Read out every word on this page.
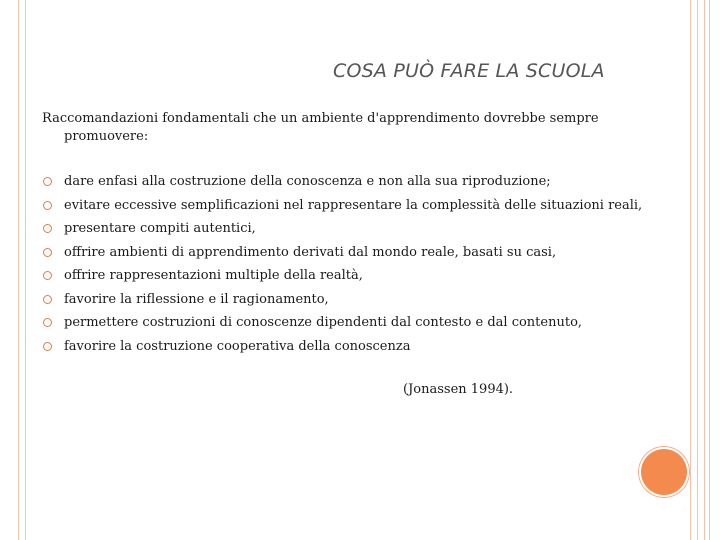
COSA PUÒ FARE LA SCUOLA
Raccomandazioni fondamentali che un ambiente d'apprendimento dovrebbe sempre
promuovere:
dare enfasi alla costruzione della conoscenza e non alla sua riproduzione;
evitare eccessive semplificazioni nel rappresentare la complessità delle situazioni reali,
presentare compiti autentici,
offrire ambienti di apprendimento derivati dal mondo reale, basati su casi,
offrire rappresentazioni multiple della realtà,
favorire la riflessione e il ragionamento,
permettere costruzioni di conoscenze dipendenti dal contesto e dal contenuto,
favorire la costruzione cooperativa della conoscenza
(Jonassen 1994).
